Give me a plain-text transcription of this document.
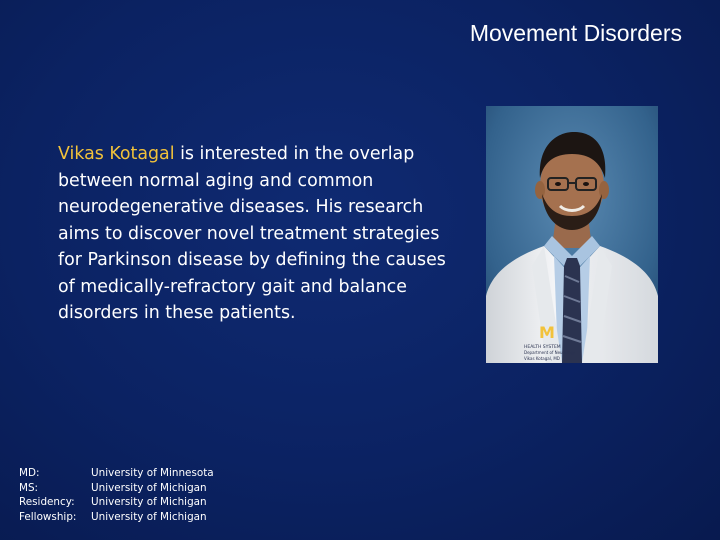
Movement Disorders
Vikas Kotagal is interested in the overlap between normal aging and common neurodegenerative diseases. His research aims to discover novel treatment strategies for Parkinson disease by defining the causes of medically-refractory gait and balance disorders in these patients.
M
HEALTH SYSTEM
Department of Neurology
Vikas Kotagal, MD
MD:	University of Minnesota
MS:	University of Michigan
Residency:	University of Michigan
Fellowship:	University of Michigan
